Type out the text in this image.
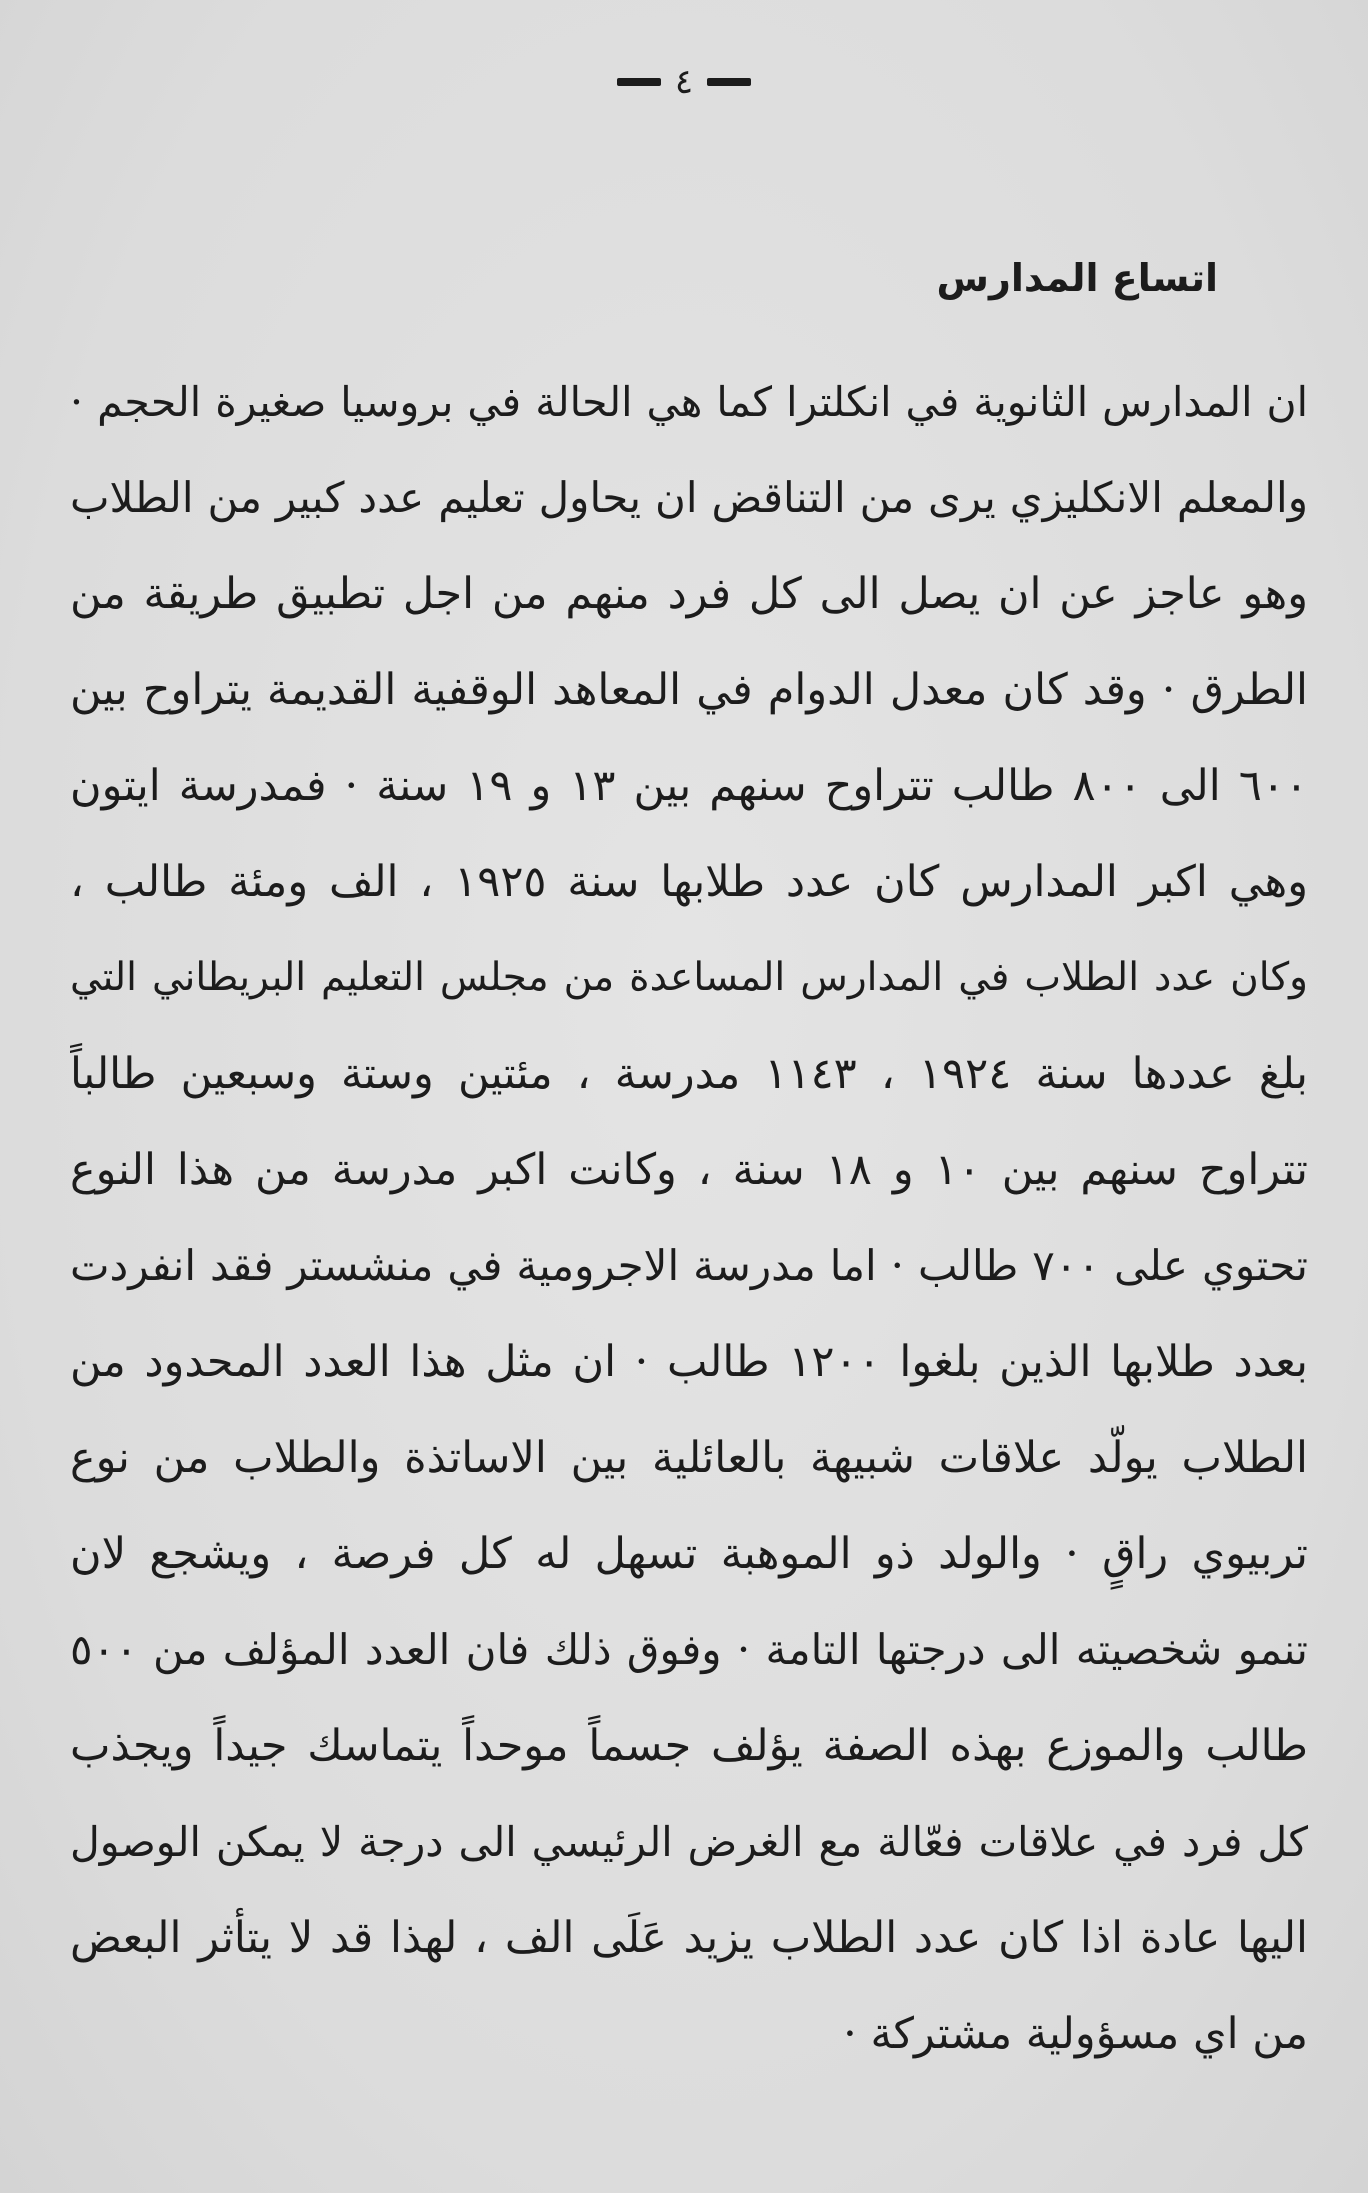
٤
اتساع المدارس
ان المدارس الثانوية في انكلترا كما هي الحالة في بروسيا صغيرة الحجم ·
والمعلم الانكليزي يرى من التناقض ان يحاول تعليم عدد كبير من الطلاب
وهو عاجز عن ان يصل الى كل فرد منهم من اجل تطبيق طريقة من
الطرق · وقد كان معدل الدوام في المعاهد الوقفية القديمة يتراوح بين
٦٠٠ الى ٨٠٠ طالب تتراوح سنهم بين ١٣ و ١٩ سنة · فمدرسة ايتون
وهي اكبر المدارس كان عدد طلابها سنة ١٩٢٥ ، الف ومئة طالب ،
وكان عدد الطلاب في المدارس المساعدة من مجلس التعليم البريطاني التي
بلغ عددها سنة ١٩٢٤ ، ١١٤٣ مدرسة ، مئتين وستة وسبعين طالباً
تتراوح سنهم بين ١٠ و ١٨ سنة ، وكانت اكبر مدرسة من هذا النوع
تحتوي على ٧٠٠ طالب · اما مدرسة الاجرومية في منشستر فقد انفردت
بعدد طلابها الذين بلغوا ١٢٠٠ طالب · ان مثل هذا العدد المحدود من
الطلاب يولّد علاقات شبيهة بالعائلية بين الاساتذة والطلاب من نوع
تربيوي راقٍ · والولد ذو الموهبة تسهل له كل فرصة ، ويشجع لان
تنمو شخصيته الى درجتها التامة · وفوق ذلك فان العدد المؤلف من ٥٠٠
طالب والموزع بهذه الصفة يؤلف جسماً موحداً يتماسك جيداً ويجذب
كل فرد في علاقات فعّالة مع الغرض الرئيسي الى درجة لا يمكن الوصول
اليها عادة اذا كان عدد الطلاب يزيد عَلَى الف ، لهذا قد لا يتأثر البعض
من اي مسؤولية مشتركة ·
